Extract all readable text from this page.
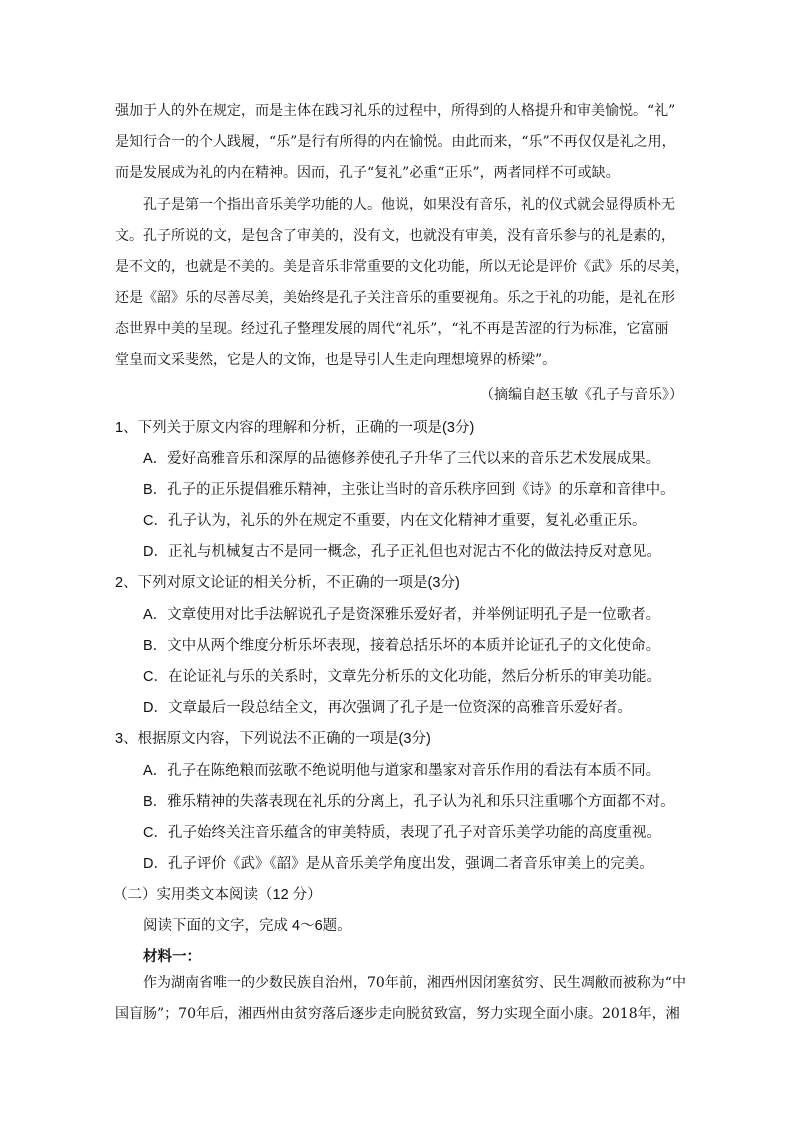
强加于人的外在规定，而是主体在践习礼乐的过程中，所得到的人格提升和审美愉悦。“礼”
是知行合一的个人践履，“乐”是行有所得的内在愉悦。由此而来，“乐”不再仅仅是礼之用，
而是发展成为礼的内在精神。因而，孔子“复礼”必重“正乐”，两者同样不可或缺。
孔子是第一个指出音乐美学功能的人。他说，如果没有音乐，礼的仪式就会显得质朴无
文。孔子所说的文，是包含了审美的，没有文，也就没有审美，没有音乐参与的礼是素的，
是不文的，也就是不美的。美是音乐非常重要的文化功能，所以无论是评价《武》乐的尽美，
还是《韶》乐的尽善尽美，美始终是孔子关注音乐的重要视角。乐之于礼的功能，是礼在形
态世界中美的呈现。经过孔子整理发展的周代“礼乐”，“礼不再是苦涩的行为标准，它富丽
堂皇而文采斐然，它是人的文饰，也是导引人生走向理想境界的桥梁”。
（摘编自赵玉敏《孔子与音乐》）
1、下列关于原文内容的理解和分析，正确的一项是(3分)
A．爱好高雅音乐和深厚的品德修养使孔子升华了三代以来的音乐艺术发展成果。
B．孔子的正乐提倡雅乐精神，主张让当时的音乐秩序回到《诗》的乐章和音律中。
C．孔子认为，礼乐的外在规定不重要，内在文化精神才重要，复礼必重正乐。
D．正礼与机械复古不是同一概念，孔子正礼但也对泥古不化的做法持反对意见。
2、下列对原文论证的相关分析，不正确的一项是(3分)
A．文章使用对比手法解说孔子是资深雅乐爱好者，并举例证明孔子是一位歌者。
B．文中从两个维度分析乐坏表现，接着总括乐坏的本质并论证孔子的文化使命。
C．在论证礼与乐的关系时，文章先分析乐的文化功能，然后分析乐的审美功能。
D．文章最后一段总结全文，再次强调了孔子是一位资深的高雅音乐爱好者。
3、根据原文内容，下列说法不正确的一项是(3分)
A．孔子在陈绝粮而弦歌不绝说明他与道家和墨家对音乐作用的看法有本质不同。
B．雅乐精神的失落表现在礼乐的分离上，孔子认为礼和乐只注重哪个方面都不对。
C．孔子始终关注音乐蕴含的审美特质，表现了孔子对音乐美学功能的高度重视。
D．孔子评价《武》《韶》是从音乐美学角度出发，强调二者音乐审美上的完美。
（二）实用类文本阅读（12 分）
阅读下面的文字，完成 4～6题。
材料一：
作为湖南省唯一的少数民族自治州，70年前，湘西州因闭塞贫穷、民生凋敝而被称为“中
国盲肠”；70年后，湘西州由贫穷落后逐步走向脱贫致富，努力实现全面小康。2018年，湘
